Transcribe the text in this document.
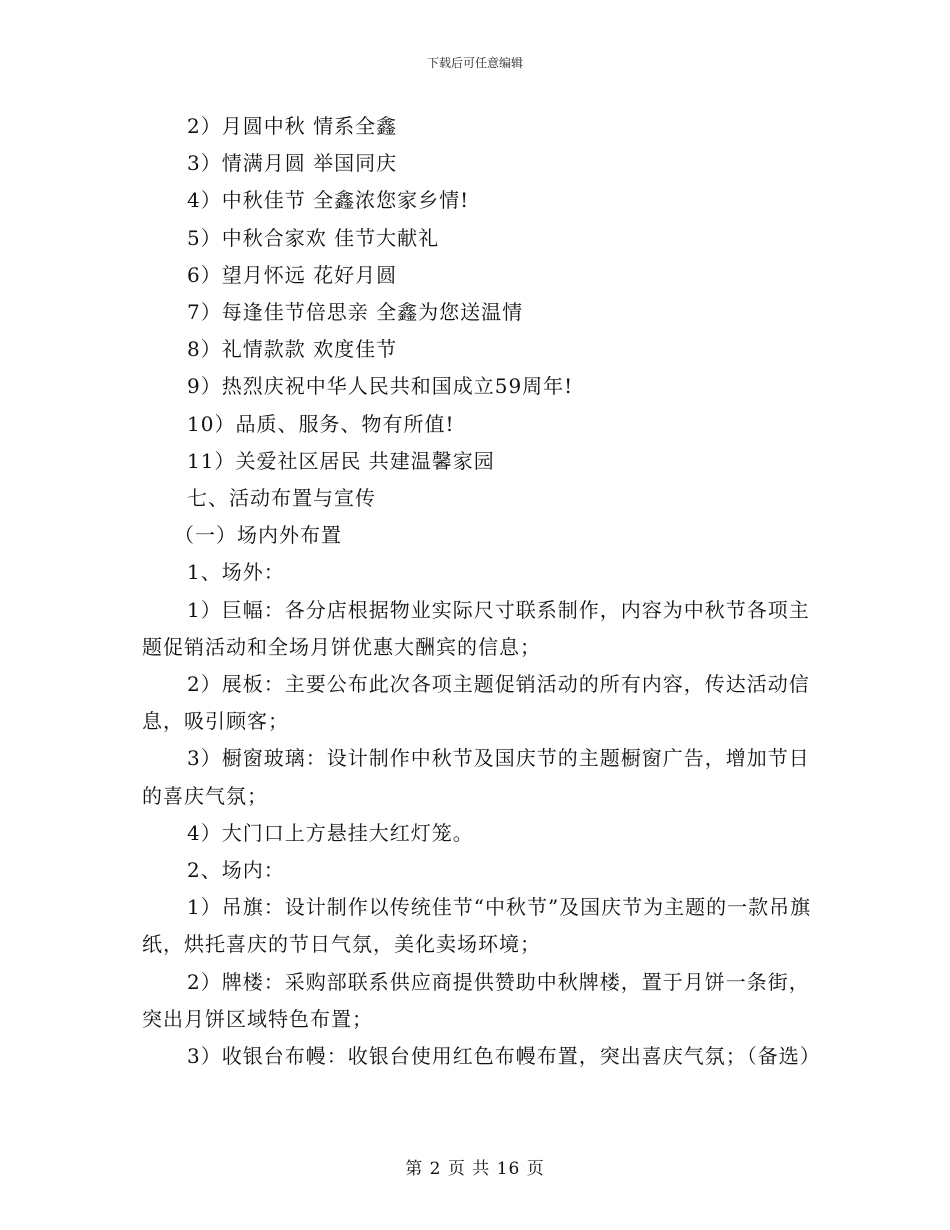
下载后可任意编辑

2）月圆中秋 情系全鑫

3）情满月圆 举国同庆

4）中秋佳节 全鑫浓您家乡情!

5）中秋合家欢 佳节大献礼

6）望月怀远 花好月圆

7）每逢佳节倍思亲 全鑫为您送温情

8）礼情款款 欢度佳节

9）热烈庆祝中华人民共和国成立59周年!

10）品质、服务、物有所值!

11）关爱社区居民 共建温馨家园

七、活动布置与宣传

（一）场内外布置

1、场外：

1）巨幅：各分店根据物业实际尺寸联系制作，内容为中秋节各项主题促销活动和全场月饼优惠大酬宾的信息；

2）展板：主要公布此次各项主题促销活动的所有内容，传达活动信息，吸引顾客；

3）橱窗玻璃：设计制作中秋节及国庆节的主题橱窗广告，增加节日的喜庆气氛；

4）大门口上方悬挂大红灯笼。

2、场内：

1）吊旗：设计制作以传统佳节“中秋节”及国庆节为主题的一款吊旗纸，烘托喜庆的节日气氛，美化卖场环境；

2）牌楼：采购部联系供应商提供赞助中秋牌楼，置于月饼一条街，突出月饼区域特色布置；

3）收银台布幔：收银台使用红色布幔布置，突出喜庆气氛；（备选）

第 2 页 共 16 页
